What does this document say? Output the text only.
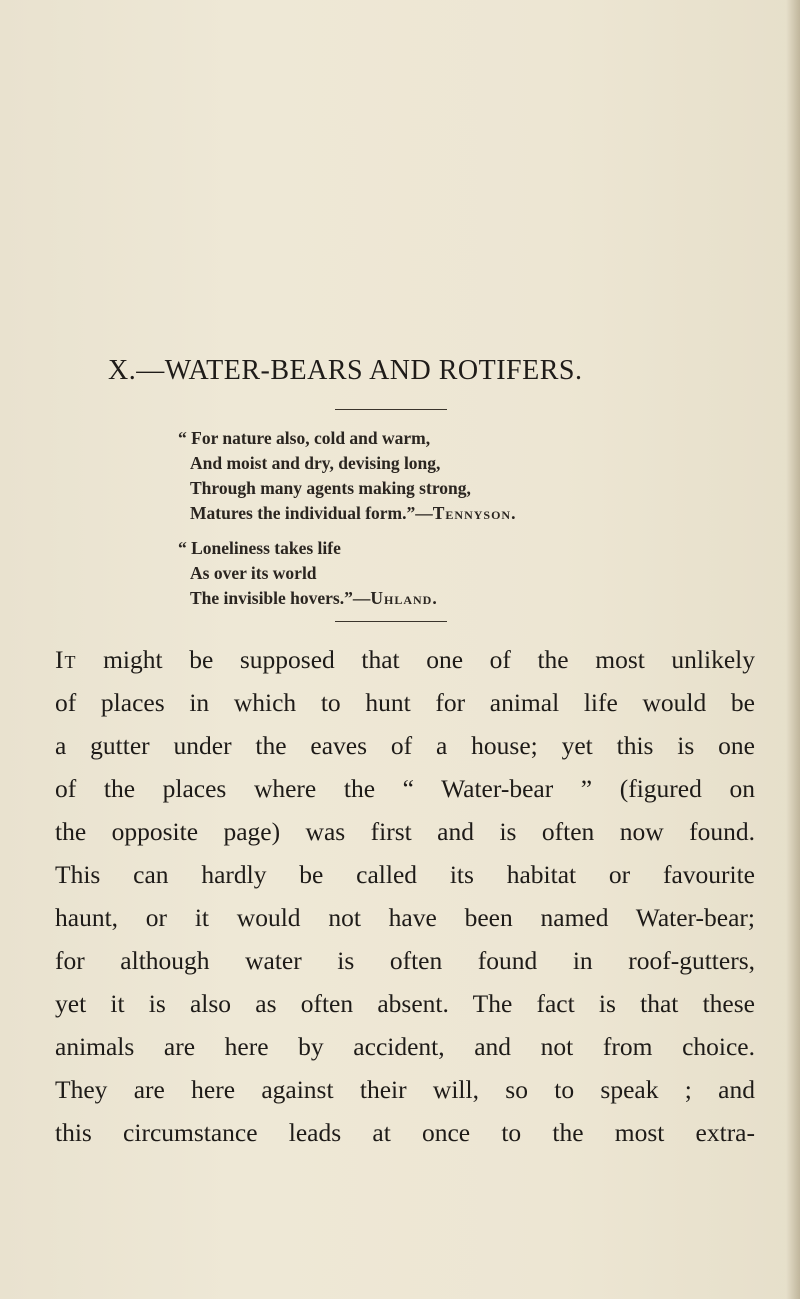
X.—WATER-BEARS AND ROTIFERS.
“ For nature also, cold and warm,
And moist and dry, devising long,
Through many agents making strong,
Matures the individual form.”—Tennyson.
“ Loneliness takes life
As over its world
The invisible hovers.”—Uhland.
It might be supposed that one of the most unlikely
of places in which to hunt for animal life would be
a gutter under the eaves of a house; yet this is one
of the places where the “ Water-bear ” (figured on
the opposite page) was first and is often now found.
This can hardly be called its habitat or favourite
haunt, or it would not have been named Water-bear;
for although water is often found in roof-gutters,
yet it is also as often absent. The fact is that these
animals are here by accident, and not from choice.
They are here against their will, so to speak ; and
this circumstance leads at once to the most extra-
